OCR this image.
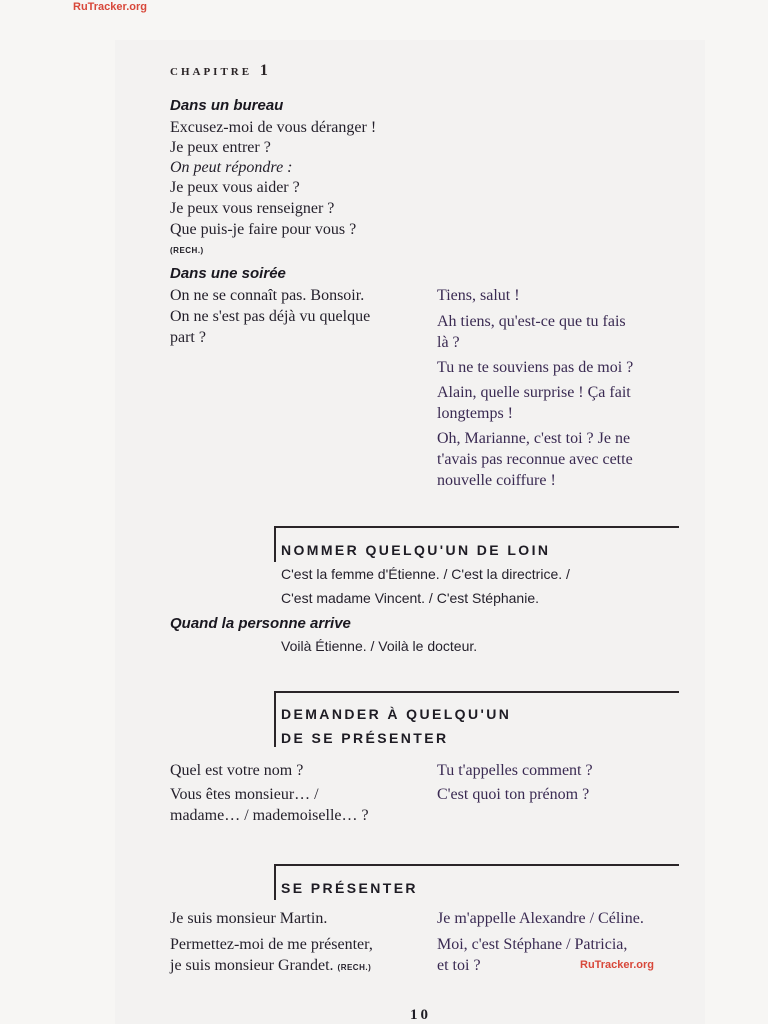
RuTracker.org
CHAPITRE 1
Dans un bureau
Excusez-moi de vous déranger !
Je peux entrer ?
On peut répondre :
Je peux vous aider ?
Je peux vous renseigner ?
Que puis-je faire pour vous ?
(RECH.)
Dans une soirée
On ne se connaît pas. Bonsoir.
On ne s'est pas déjà vu quelque
part ?
Tiens, salut !
Ah tiens, qu'est-ce que tu fais
là ?
Tu ne te souviens pas de moi ?
Alain, quelle surprise ! Ça fait
longtemps !
Oh, Marianne, c'est toi ? Je ne
t'avais pas reconnue avec cette
nouvelle coiffure !
NOMMER QUELQU'UN DE LOIN
C'est la femme d'Étienne. / C'est la directrice. /
C'est madame Vincent. / C'est Stéphanie.
Quand la personne arrive
Voilà Étienne. / Voilà le docteur.
DEMANDER À QUELQU'UN
DE SE PRÉSENTER
Quel est votre nom ?
Vous êtes monsieur… /
madame… / mademoiselle… ?
Tu t'appelles comment ?
C'est quoi ton prénom ?
SE PRÉSENTER
Je suis monsieur Martin.
Permettez-moi de me présenter,
je suis monsieur Grandet. (RECH.)
Je m'appelle Alexandre / Céline.
Moi, c'est Stéphane / Patricia,
et toi ?	RuTracker.org
10
